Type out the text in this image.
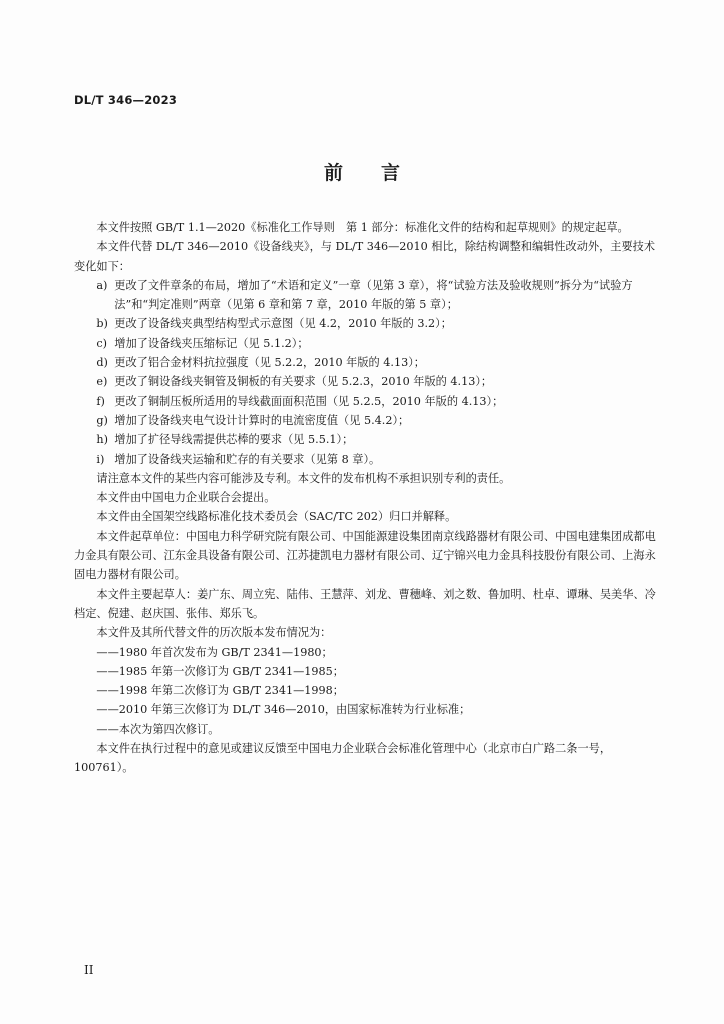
DL/T 346—2023
前言

本文件按照 GB/T 1.1—2020《标准化工作导则　第 1 部分：标准化文件的结构和起草规则》的规定起草。

本文件代替 DL/T 346—2010《设备线夹》，与 DL/T 346—2010 相比，除结构调整和编辑性改动外，主要技术变化如下：

a) 更改了文件章条的布局，增加了“术语和定义”一章（见第 3 章），将“试验方法及验收规则”拆分为“试验方法”和“判定准则”两章（见第 6 章和第 7 章，2010 年版的第 5 章）；
b) 更改了设备线夹典型结构型式示意图（见 4.2，2010 年版的 3.2）；
c) 增加了设备线夹压缩标记（见 5.1.2）；
d) 更改了铝合金材料抗拉强度（见 5.2.2，2010 年版的 4.13）；
e) 更改了铜设备线夹铜管及铜板的有关要求（见 5.2.3，2010 年版的 4.13）；
f) 更改了铜制压板所适用的导线截面面积范围（见 5.2.5，2010 年版的 4.13）；
g) 增加了设备线夹电气设计计算时的电流密度值（见 5.4.2）；
h) 增加了扩径导线需提供芯棒的要求（见 5.5.1）；
i) 增加了设备线夹运输和贮存的有关要求（见第 8 章）。

请注意本文件的某些内容可能涉及专利。本文件的发布机构不承担识别专利的责任。

本文件由中国电力企业联合会提出。

本文件由全国架空线路标准化技术委员会（SAC/TC 202）归口并解释。

本文件起草单位：中国电力科学研究院有限公司、中国能源建设集团南京线路器材有限公司、中国电建集团成都电力金具有限公司、江东金具设备有限公司、江苏捷凯电力器材有限公司、辽宁锦兴电力金具科技股份有限公司、上海永固电力器材有限公司。

本文件主要起草人：姜广东、周立宪、陆伟、王慧萍、刘龙、曹穗峰、刘之数、鲁加明、杜卓、谭琳、吴美华、冷档定、倪建、赵庆国、张伟、郑乐飞。

本文件及其所代替文件的历次版本发布情况为：

——1980 年首次发布为 GB/T 2341—1980；

——1985 年第一次修订为 GB/T 2341—1985；

——1998 年第二次修订为 GB/T 2341—1998；

——2010 年第三次修订为 DL/T 346—2010，由国家标准转为行业标准；

——本次为第四次修订。

本文件在执行过程中的意见或建议反馈至中国电力企业联合会标准化管理中心（北京市白广路二条一号，100761）。

II
